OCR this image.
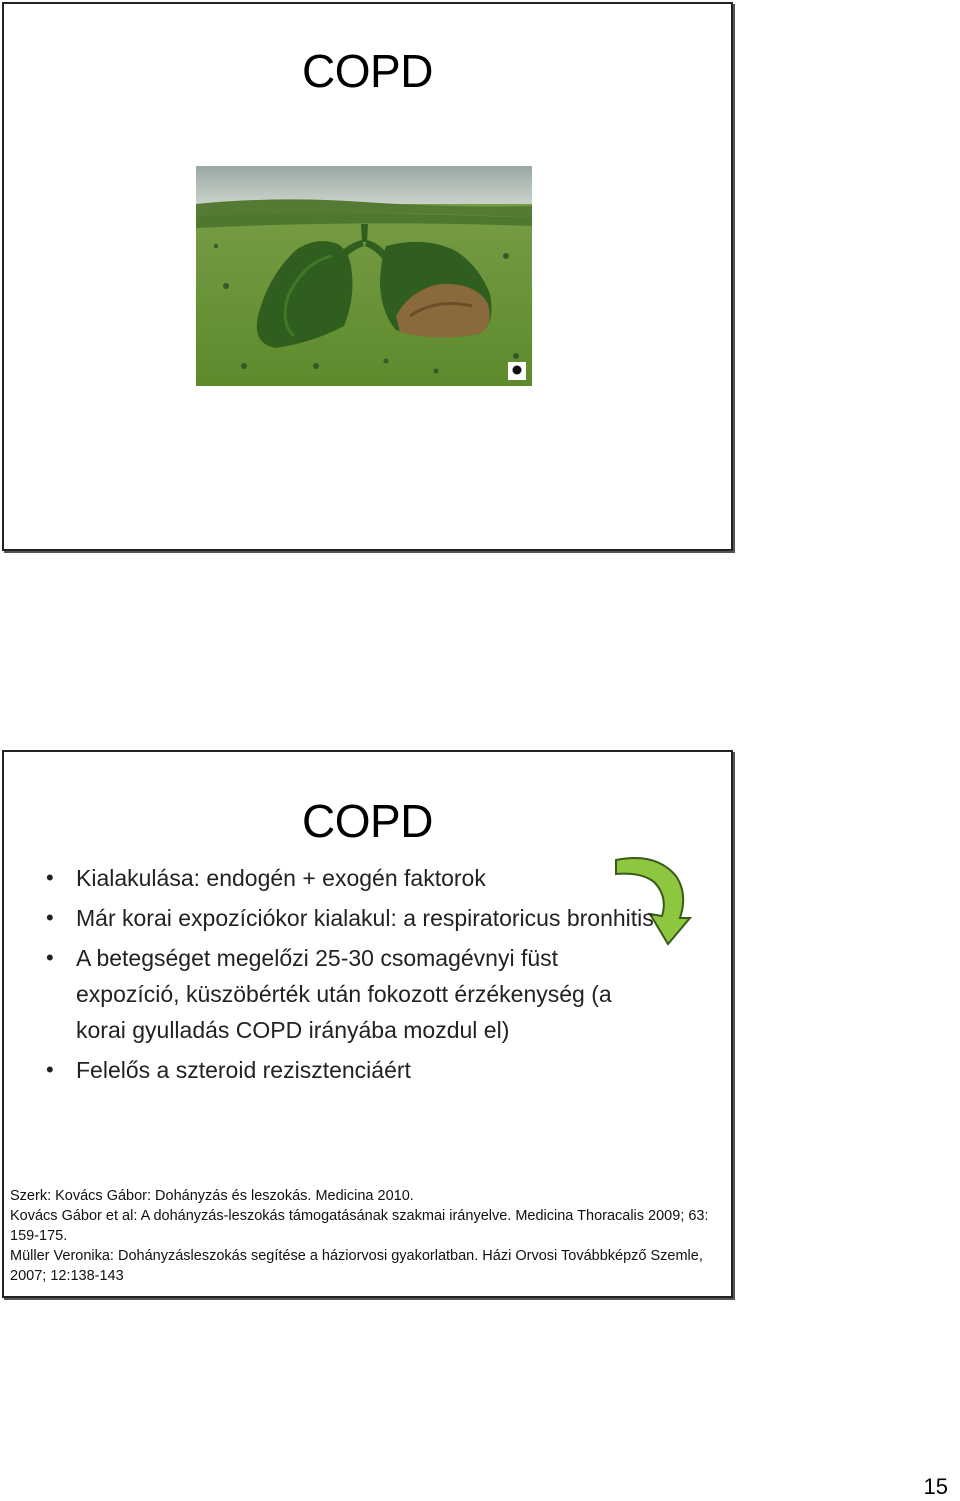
COPD
COPD
• Kialakulása: endogén + exogén faktorok
• Már korai expozíciókor kialakul: a respiratoricus bronhitis
• A betegséget megelőzi 25-30 csomagévnyi füst expozíció, küszöbérték után fokozott érzékenység (a korai gyulladás COPD irányába mozdul el)
• Felelős a szteroid rezisztenciáért

Szerk: Kovács Gábor: Dohányzás és leszokás. Medicina 2010.

Kovács Gábor et al: A dohányzás-leszokás támogatásának szakmai irányelve. Medicina Thoracalis 2009; 63: 159-175.

Müller Veronika: Dohányzásleszokás segítése a háziorvosi gyakorlatban. Házi Orvosi Továbbképző Szemle, 2007; 12:138-143

15
